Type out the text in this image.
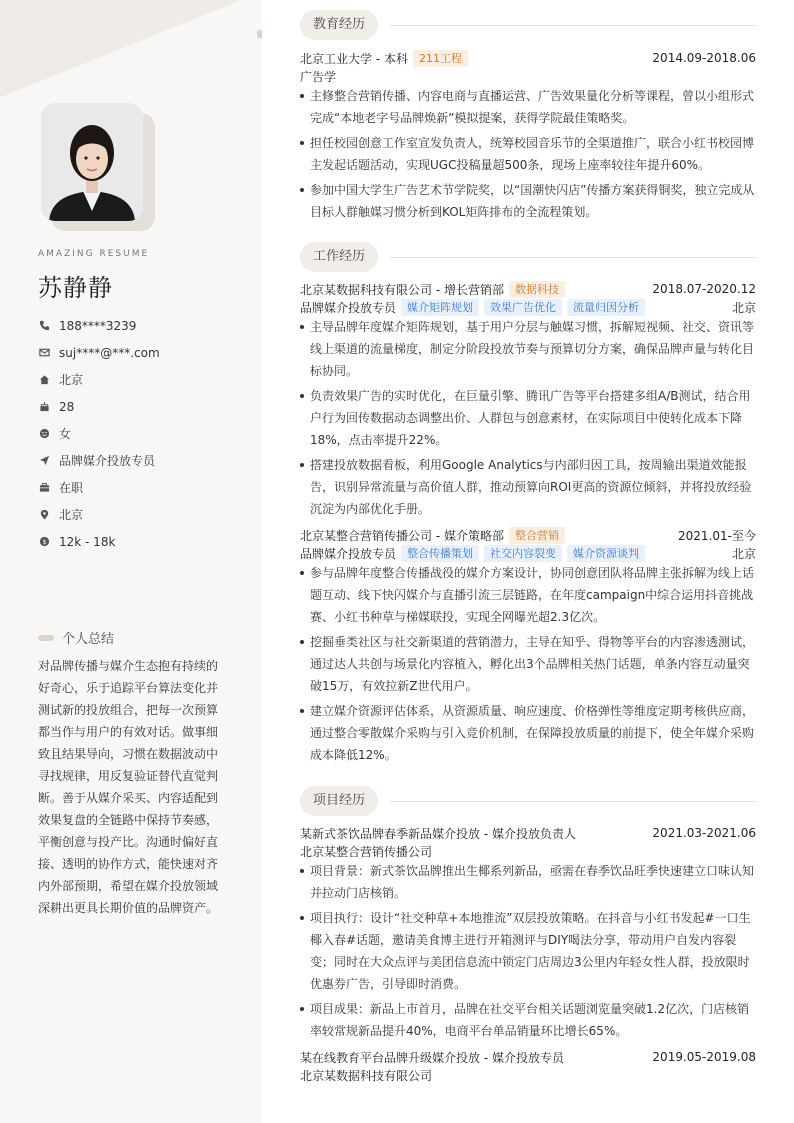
AMAZING RESUME
苏静静
188****3239
suj****@***.com
北京
28
女
品牌媒介投放专员
在职
北京
$ 12k - 18k
个人总结
对品牌传播与媒介生态抱有持续的好奇心，乐于追踪平台算法变化并测试新的投放组合，把每一次预算都当作与用户的有效对话。做事细致且结果导向，习惯在数据波动中寻找规律，用反复验证替代直觉判断。善于从媒介采买、内容适配到效果复盘的全链路中保持节奏感，平衡创意与投产比。沟通时偏好直接、透明的协作方式，能快速对齐内外部预期，希望在媒介投放领域深耕出更具长期价值的品牌资产。
教育经历
北京工业大学 - 本科	211工程	2014.09-2018.06
广告学
主修整合营销传播、内容电商与直播运营、广告效果量化分析等课程，曾以小组形式完成“本地老字号品牌焕新”模拟提案，获得学院最佳策略奖。
担任校园创意工作室宣发负责人，统筹校园音乐节的全渠道推广，联合小红书校园博主发起话题活动，实现UGC投稿量超500条，现场上座率较往年提升60%。
参加中国大学生广告艺术节学院奖，以“国潮快闪店”传播方案获得铜奖，独立完成从目标人群触媒习惯分析到KOL矩阵排布的全流程策划。
工作经历
北京某数据科技有限公司 - 增长营销部	数据科技	2018.07-2020.12
品牌媒介投放专员	媒介矩阵规划	效果广告优化	流量归因分析	北京
主导品牌年度媒介矩阵规划，基于用户分层与触媒习惯，拆解短视频、社交、资讯等线上渠道的流量梯度，制定分阶段投放节奏与预算切分方案，确保品牌声量与转化目标协同。
负责效果广告的实时优化，在巨量引擎、腾讯广告等平台搭建多组A/B测试，结合用户行为回传数据动态调整出价、人群包与创意素材，在实际项目中使转化成本下降18%，点击率提升22%。
搭建投放数据看板，利用Google Analytics与内部归因工具，按周输出渠道效能报告，识别异常流量与高价值人群，推动预算向ROI更高的资源位倾斜，并将投放经验沉淀为内部优化手册。
北京某整合营销传播公司 - 媒介策略部	整合营销	2021.01-至今
品牌媒介投放专员	整合传播策划	社交内容裂变	媒介资源谈判	北京
参与品牌年度整合传播战役的媒介方案设计，协同创意团队将品牌主张拆解为线上话题互动、线下快闪媒介与直播引流三层链路，在年度campaign中综合运用抖音挑战赛、小红书种草与梯媒联投，实现全网曝光超2.3亿次。
挖掘垂类社区与社交新渠道的营销潜力，主导在知乎、得物等平台的内容渗透测试，通过达人共创与场景化内容植入，孵化出3个品牌相关热门话题，单条内容互动量突破15万，有效拉新Z世代用户。
建立媒介资源评估体系，从资源质量、响应速度、价格弹性等维度定期考核供应商，通过整合零散媒介采购与引入竞价机制，在保障投放质量的前提下，使全年媒介采购成本降低12%。
项目经历
某新式茶饮品牌春季新品媒介投放 - 媒介投放负责人	2021.03-2021.06
北京某整合营销传播公司
项目背景：新式茶饮品牌推出生椰系列新品，亟需在春季饮品旺季快速建立口味认知并拉动门店核销。
项目执行：设计“社交种草+本地推流”双层投放策略。在抖音与小红书发起#一口生椰入春#话题，邀请美食博主进行开箱测评与DIY喝法分享，带动用户自发内容裂变；同时在大众点评与美团信息流中锁定门店周边3公里内年轻女性人群，投放限时优惠券广告，引导即时消费。
项目成果：新品上市首月，品牌在社交平台相关话题浏览量突破1.2亿次，门店核销率较常规新品提升40%，电商平台单品销量环比增长65%。
某在线教育平台品牌升级媒介投放 - 媒介投放专员	2019.05-2019.08
北京某数据科技有限公司
